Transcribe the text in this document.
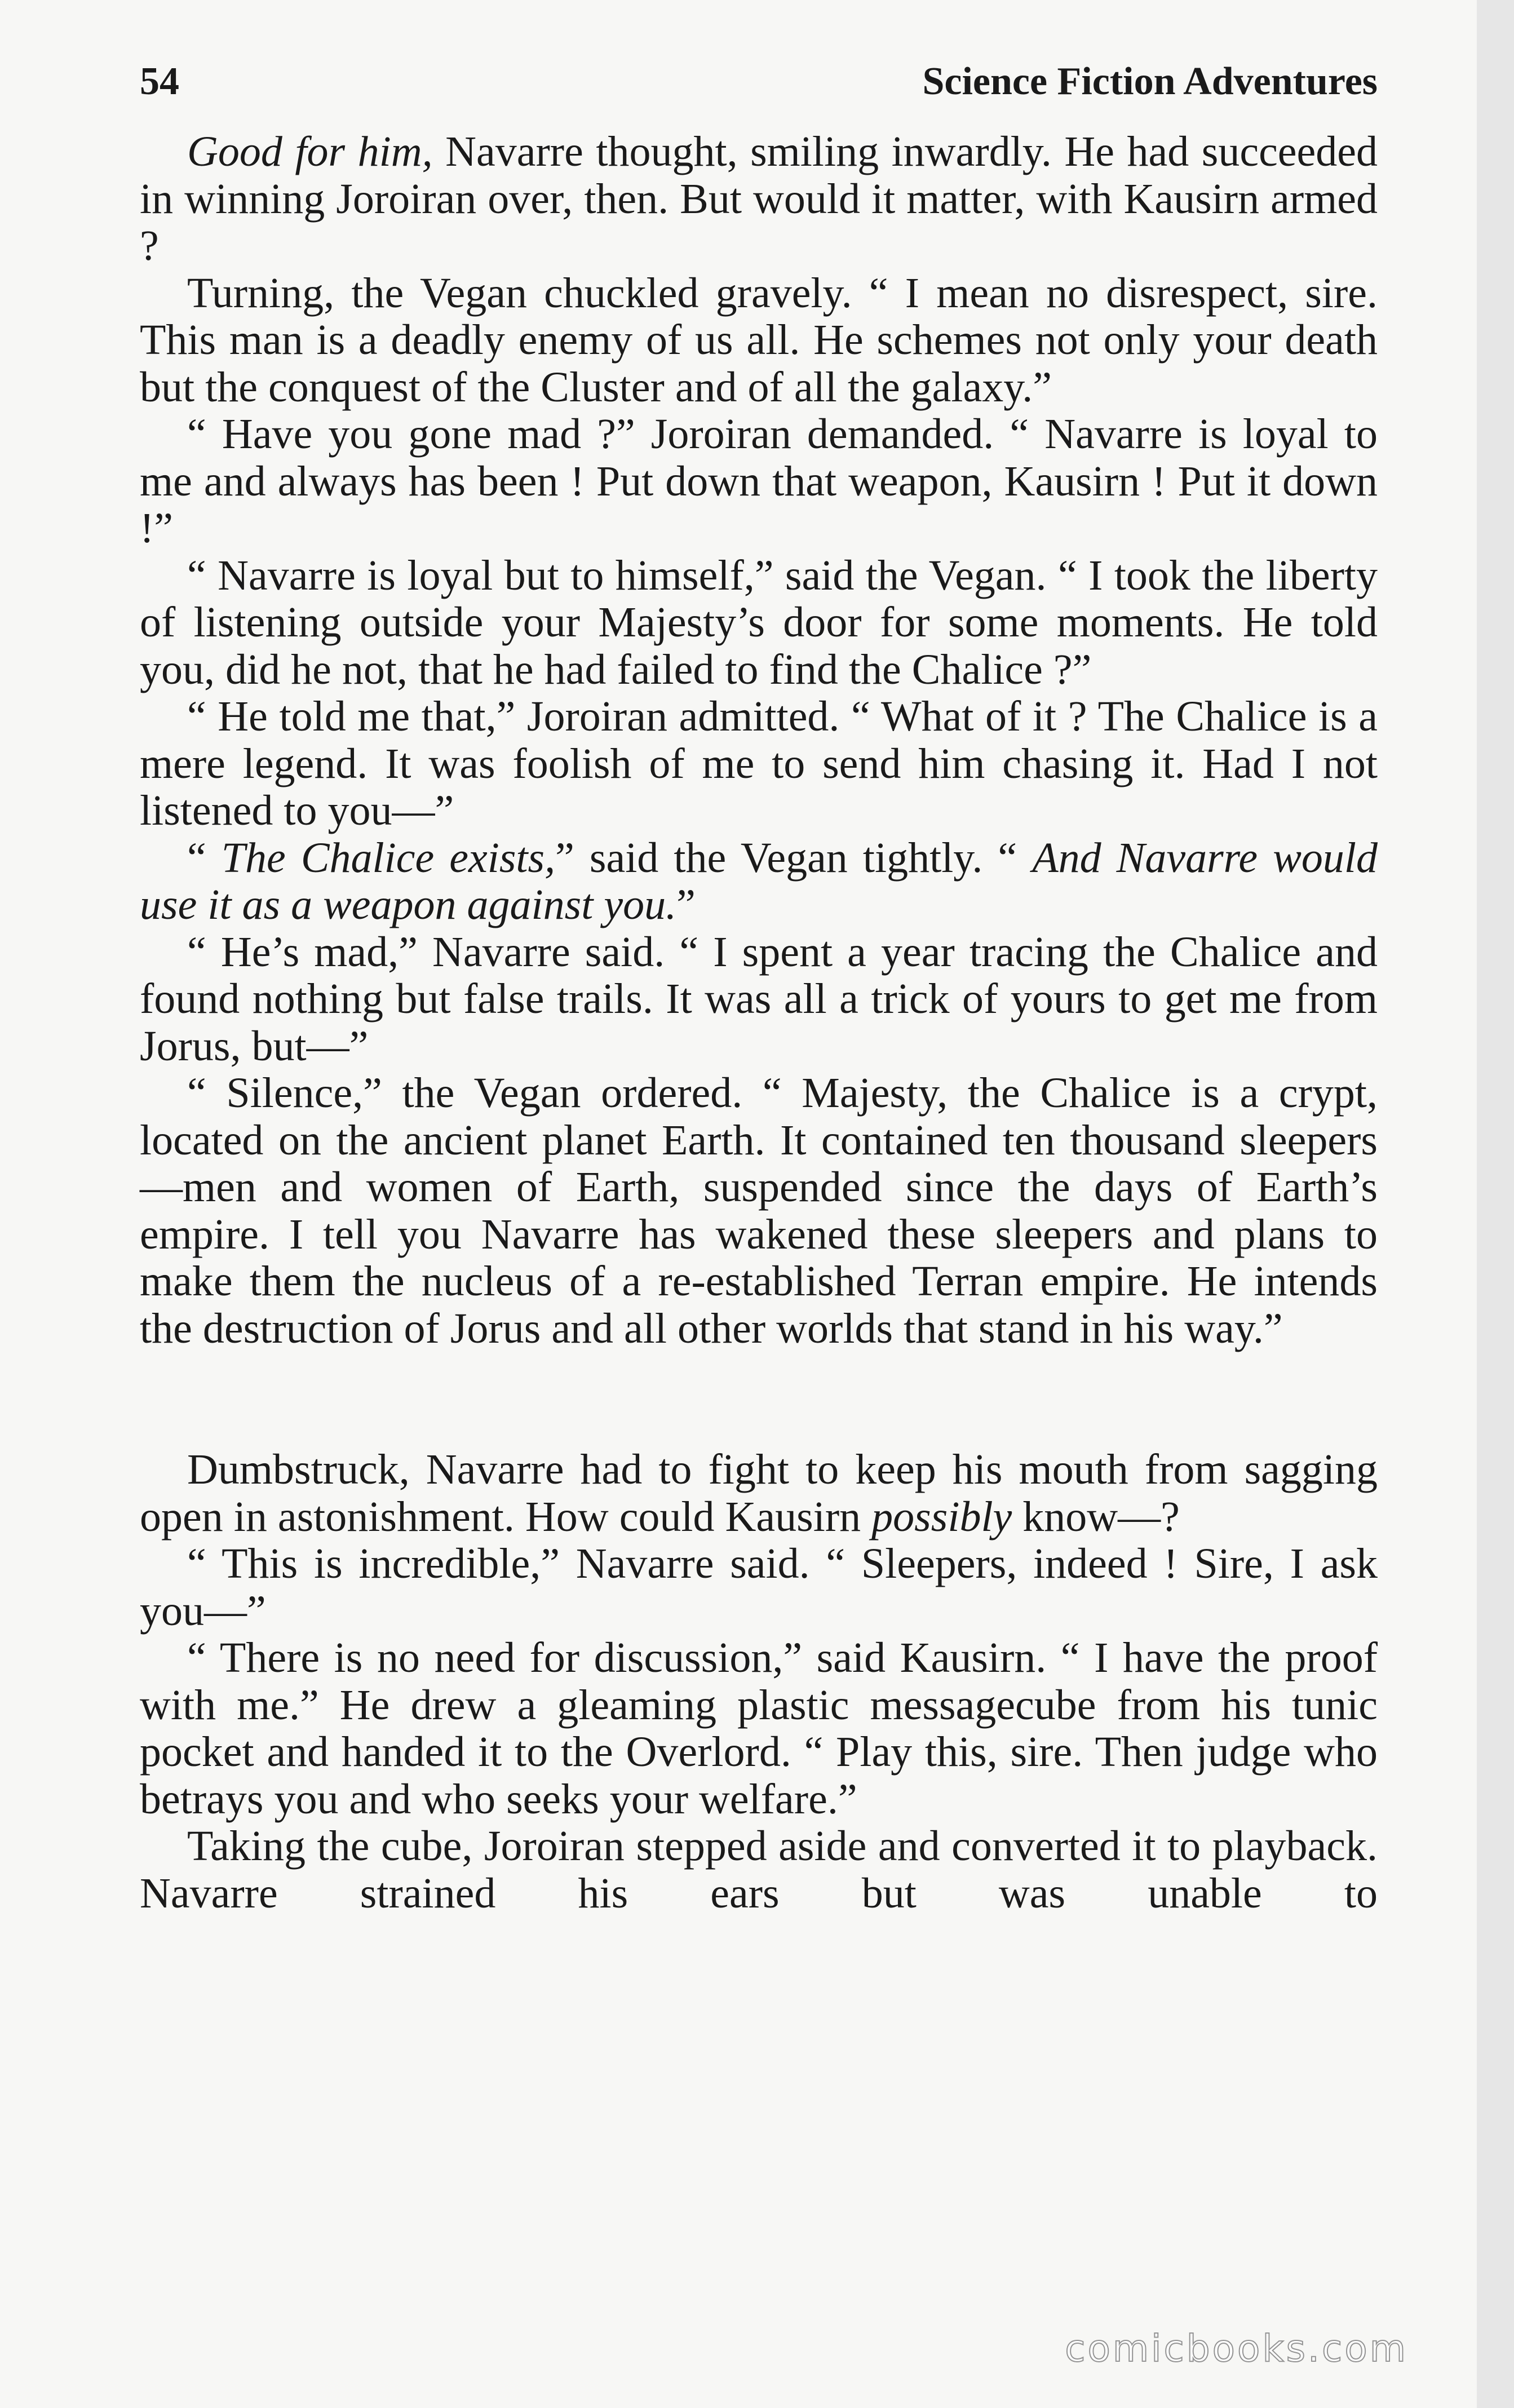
54	Science Fiction Adventures

Good for him, Navarre thought, smiling inwardly. He had succeeded in winning Joroiran over, then. But would it matter, with Kausirn armed ?

Turning, the Vegan chuckled gravely. “ I mean no disrespect, sire. This man is a deadly enemy of us all. He schemes not only your death but the conquest of the Cluster and of all the galaxy.”

“ Have you gone mad ?” Joroiran demanded. “ Navarre is loyal to me and always has been ! Put down that weapon, Kausirn ! Put it down !”

“ Navarre is loyal but to himself,” said the Vegan. “ I took the liberty of listening outside your Majesty’s door for some moments. He told you, did he not, that he had failed to find the Chalice ?”

“ He told me that,” Joroiran admitted. “ What of it ? The Chalice is a mere legend. It was foolish of me to send him chasing it. Had I not listened to you—”

“ The Chalice exists,” said the Vegan tightly. “ And Navarre would use it as a weapon against you.”

“ He’s mad,” Navarre said. “ I spent a year tracing the Chalice and found nothing but false trails. It was all a trick of yours to get me from Jorus, but—”

“ Silence,” the Vegan ordered. “ Majesty, the Chalice is a crypt, located on the ancient planet Earth. It contained ten thousand sleepers—men and women of Earth, suspended since the days of Earth’s empire. I tell you Navarre has wakened these sleepers and plans to make them the nucleus of a re-established Terran empire. He intends the destruction of Jorus and all other worlds that stand in his way.”

Dumbstruck, Navarre had to fight to keep his mouth from sagging open in astonishment. How could Kausirn possibly know—?

“ This is incredible,” Navarre said. “ Sleepers, indeed ! Sire, I ask you—”

“ There is no need for discussion,” said Kausirn. “ I have the proof with me.” He drew a gleaming plastic messagecube from his tunic pocket and handed it to the Overlord. “ Play this, sire. Then judge who betrays you and who seeks your welfare.”

Taking the cube, Joroiran stepped aside and converted it to playback. Navarre strained his ears but was unable to

comicbooks.com
